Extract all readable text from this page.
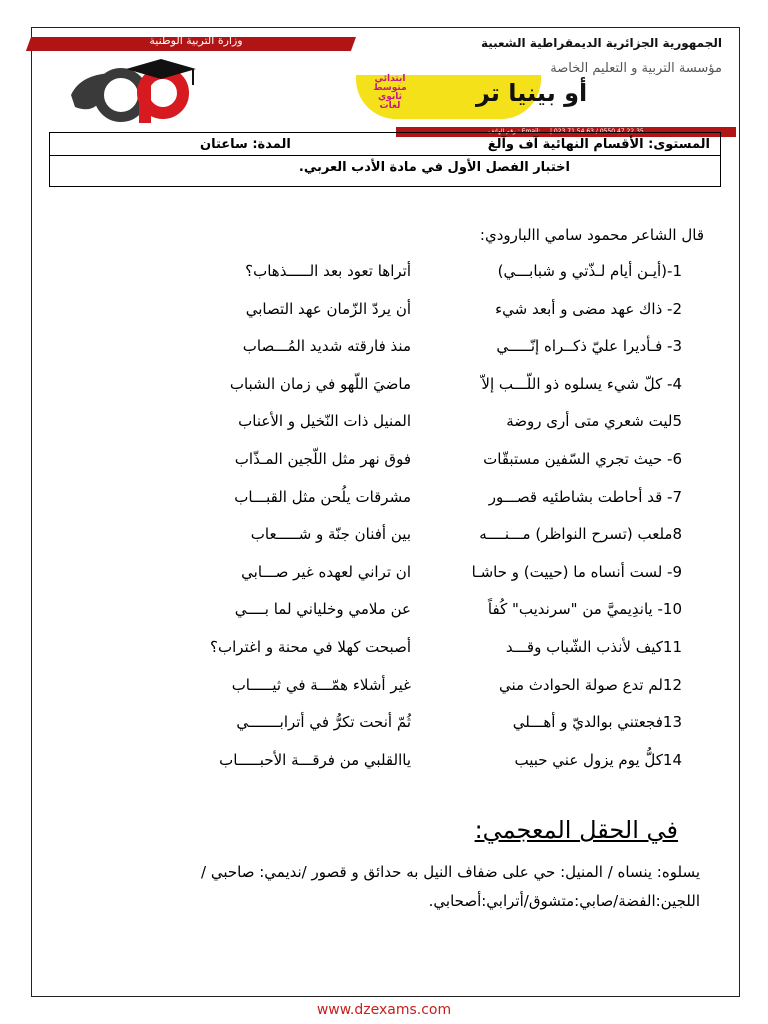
وزارة التربية الوطنية	الجمهورية الجزائرية الديمقراطية الشعبية
مؤسسة التربية و التعليم الخاصة
ابتدائي
متوسط
ثانوي
لغات	أو بينيا تر
Email: ... | 023 71 54 63 / 0550 47 22 35 : رقم الهاتف
المستوى: الأقسام النهائية آف وآلغ
المدة: ساعتان
اختبار الفصل الأول في مادة الأدب العربي.
قال الشاعر محمود سامي االبارودي:
1-(أيـن أيام لـذّتي و شبابـــي)
أتراها تعود بعد الـــــذهاب؟
2- ذاك عهد مضى و أبعد شيء
أن يردّ الزّمان عهد التصابي
3- فـأديرا عليّ ذكــراه إنّـــــي
منذ فارقته شديد المُـــصاب
4- كلّ شيء يسلوه ذو اللّـــب إلاّ
ماضيَ اللّهو في زمان الشباب
5ليت شعري متى أرى روضة
المنيل ذات النّخيل و الأعناب
6- حيث تجري السّفين مستبقّات
فوق نهر مثل اللّجين المـذّاب
7- قد أحاطت بشاطئيه قصـــور
مشرقات يلُحن مثل القبـــاب
8ملعب (تسرح النواظر) مـــنــــه
بين أفنان جنّة و شـــــعاب
9- لست أنساه ما (حييت) و حاشـا
ان تراني لعهده غير صـــابي
10- ياندِيميَّ من "سرنديب" كُفاً
عن ملامي وخلياني لما بــــي
11كيف لأنذب الشّباب وقـــد
أصبحت كهلا في محنة و اغتراب؟
12لم تدع صولة الحوادث مني
غير أشلاء همّـــة في ثيـــــاب
13فجعتني بوالديّ و أهـــلي
ثُمّ أنحت تكرُّ في أترابـــــــي
14كلُّ يوم يزول عني حبيب
ياالقلبي من فرقـــة الأحبـــــاب
في الحقل المعجمي:
يسلوه: ينساه / المنيل: حي على ضفاف النيل به حدائق و قصور /نديمي: صاحبي /اللجين:الفضة/صابي:متشوق/أترابي:أصحابي.
www.dzexams.com
